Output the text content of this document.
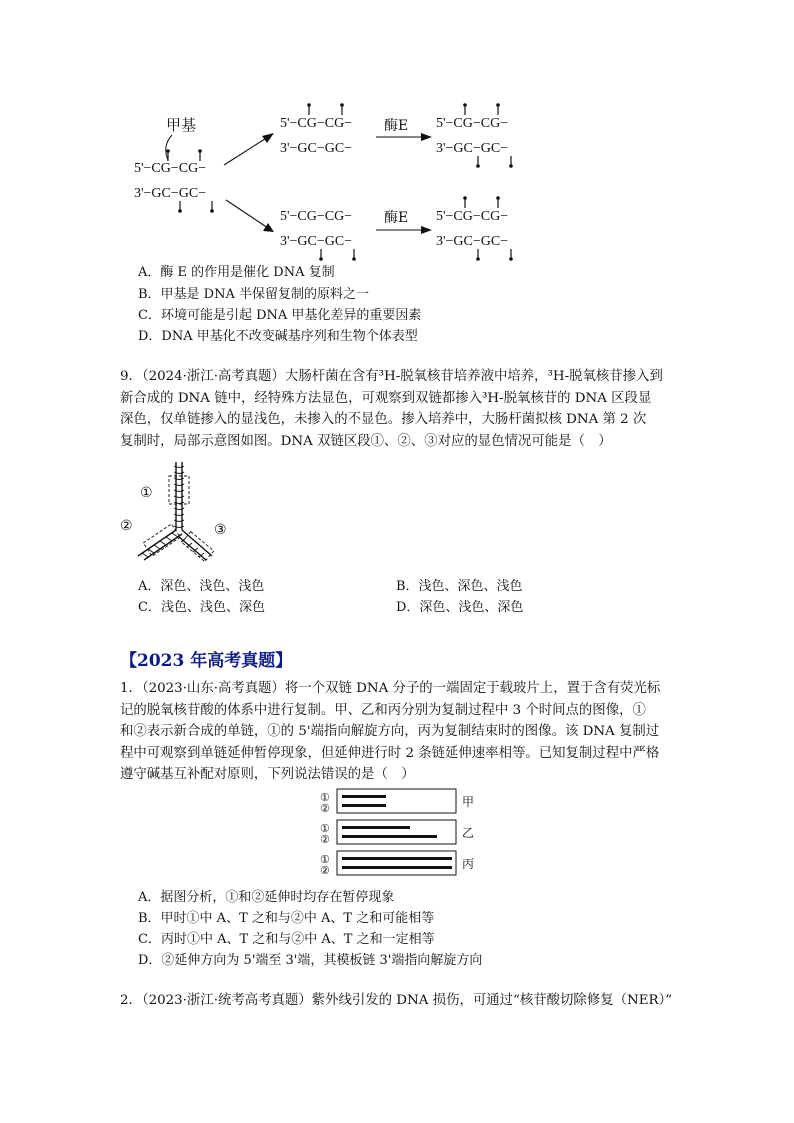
甲基
5'−CG−CG−
3'−GC−GC−
5'−CG−CG−
3'−GC−GC−
酶E 5'−CG−CG−
3'−GC−GC−
5'−CG−CG−
3'−GC−GC−
酶E 5'−CG−CG−
3'−GC−GC−
①
②	③
①
②	甲
①
②	乙
①
②	丙
A．酶 E 的作用是催化 DNA 复制
B．甲基是 DNA 半保留复制的原料之一
C．环境可能是引起 DNA 甲基化差异的重要因素
D．DNA 甲基化不改变碱基序列和生物个体表型
9．（2024·浙江·高考真题）大肠杆菌在含有³H-脱氧核苷培养液中培养，³H-脱氧核苷掺入到
新合成的 DNA 链中，经特殊方法显色，可观察到双链都掺入³H-脱氧核苷的 DNA 区段显
深色，仅单链掺入的显浅色，未掺入的不显色。掺入培养中，大肠杆菌拟核 DNA 第 2 次
复制时，局部示意图如图。DNA 双链区段①、②、③对应的显色情况可能是（　）
A．深色、浅色、浅色	B．浅色、深色、浅色
C．浅色、浅色、深色	D．深色、浅色、深色
【2023 年高考真题】
1．（2023·山东·高考真题）将一个双链 DNA 分子的一端固定于载玻片上，置于含有荧光标
记的脱氧核苷酸的体系中进行复制。甲、乙和丙分别为复制过程中 3 个时间点的图像，①
和②表示新合成的单链，①的 5'端指向解旋方向，丙为复制结束时的图像。该 DNA 复制过
程中可观察到单链延伸暂停现象，但延伸进行时 2 条链延伸速率相等。已知复制过程中严格
遵守碱基互补配对原则，下列说法错误的是（　）
A．据图分析，①和②延伸时均存在暂停现象
B．甲时①中 A、T 之和与②中 A、T 之和可能相等
C．丙时①中 A、T 之和与②中 A、T 之和一定相等
D．②延伸方向为 5'端至 3'端，其模板链 3'端指向解旋方向
2．（2023·浙江·统考高考真题）紫外线引发的 DNA 损伤，可通过“核苷酸切除修复（NER）”
